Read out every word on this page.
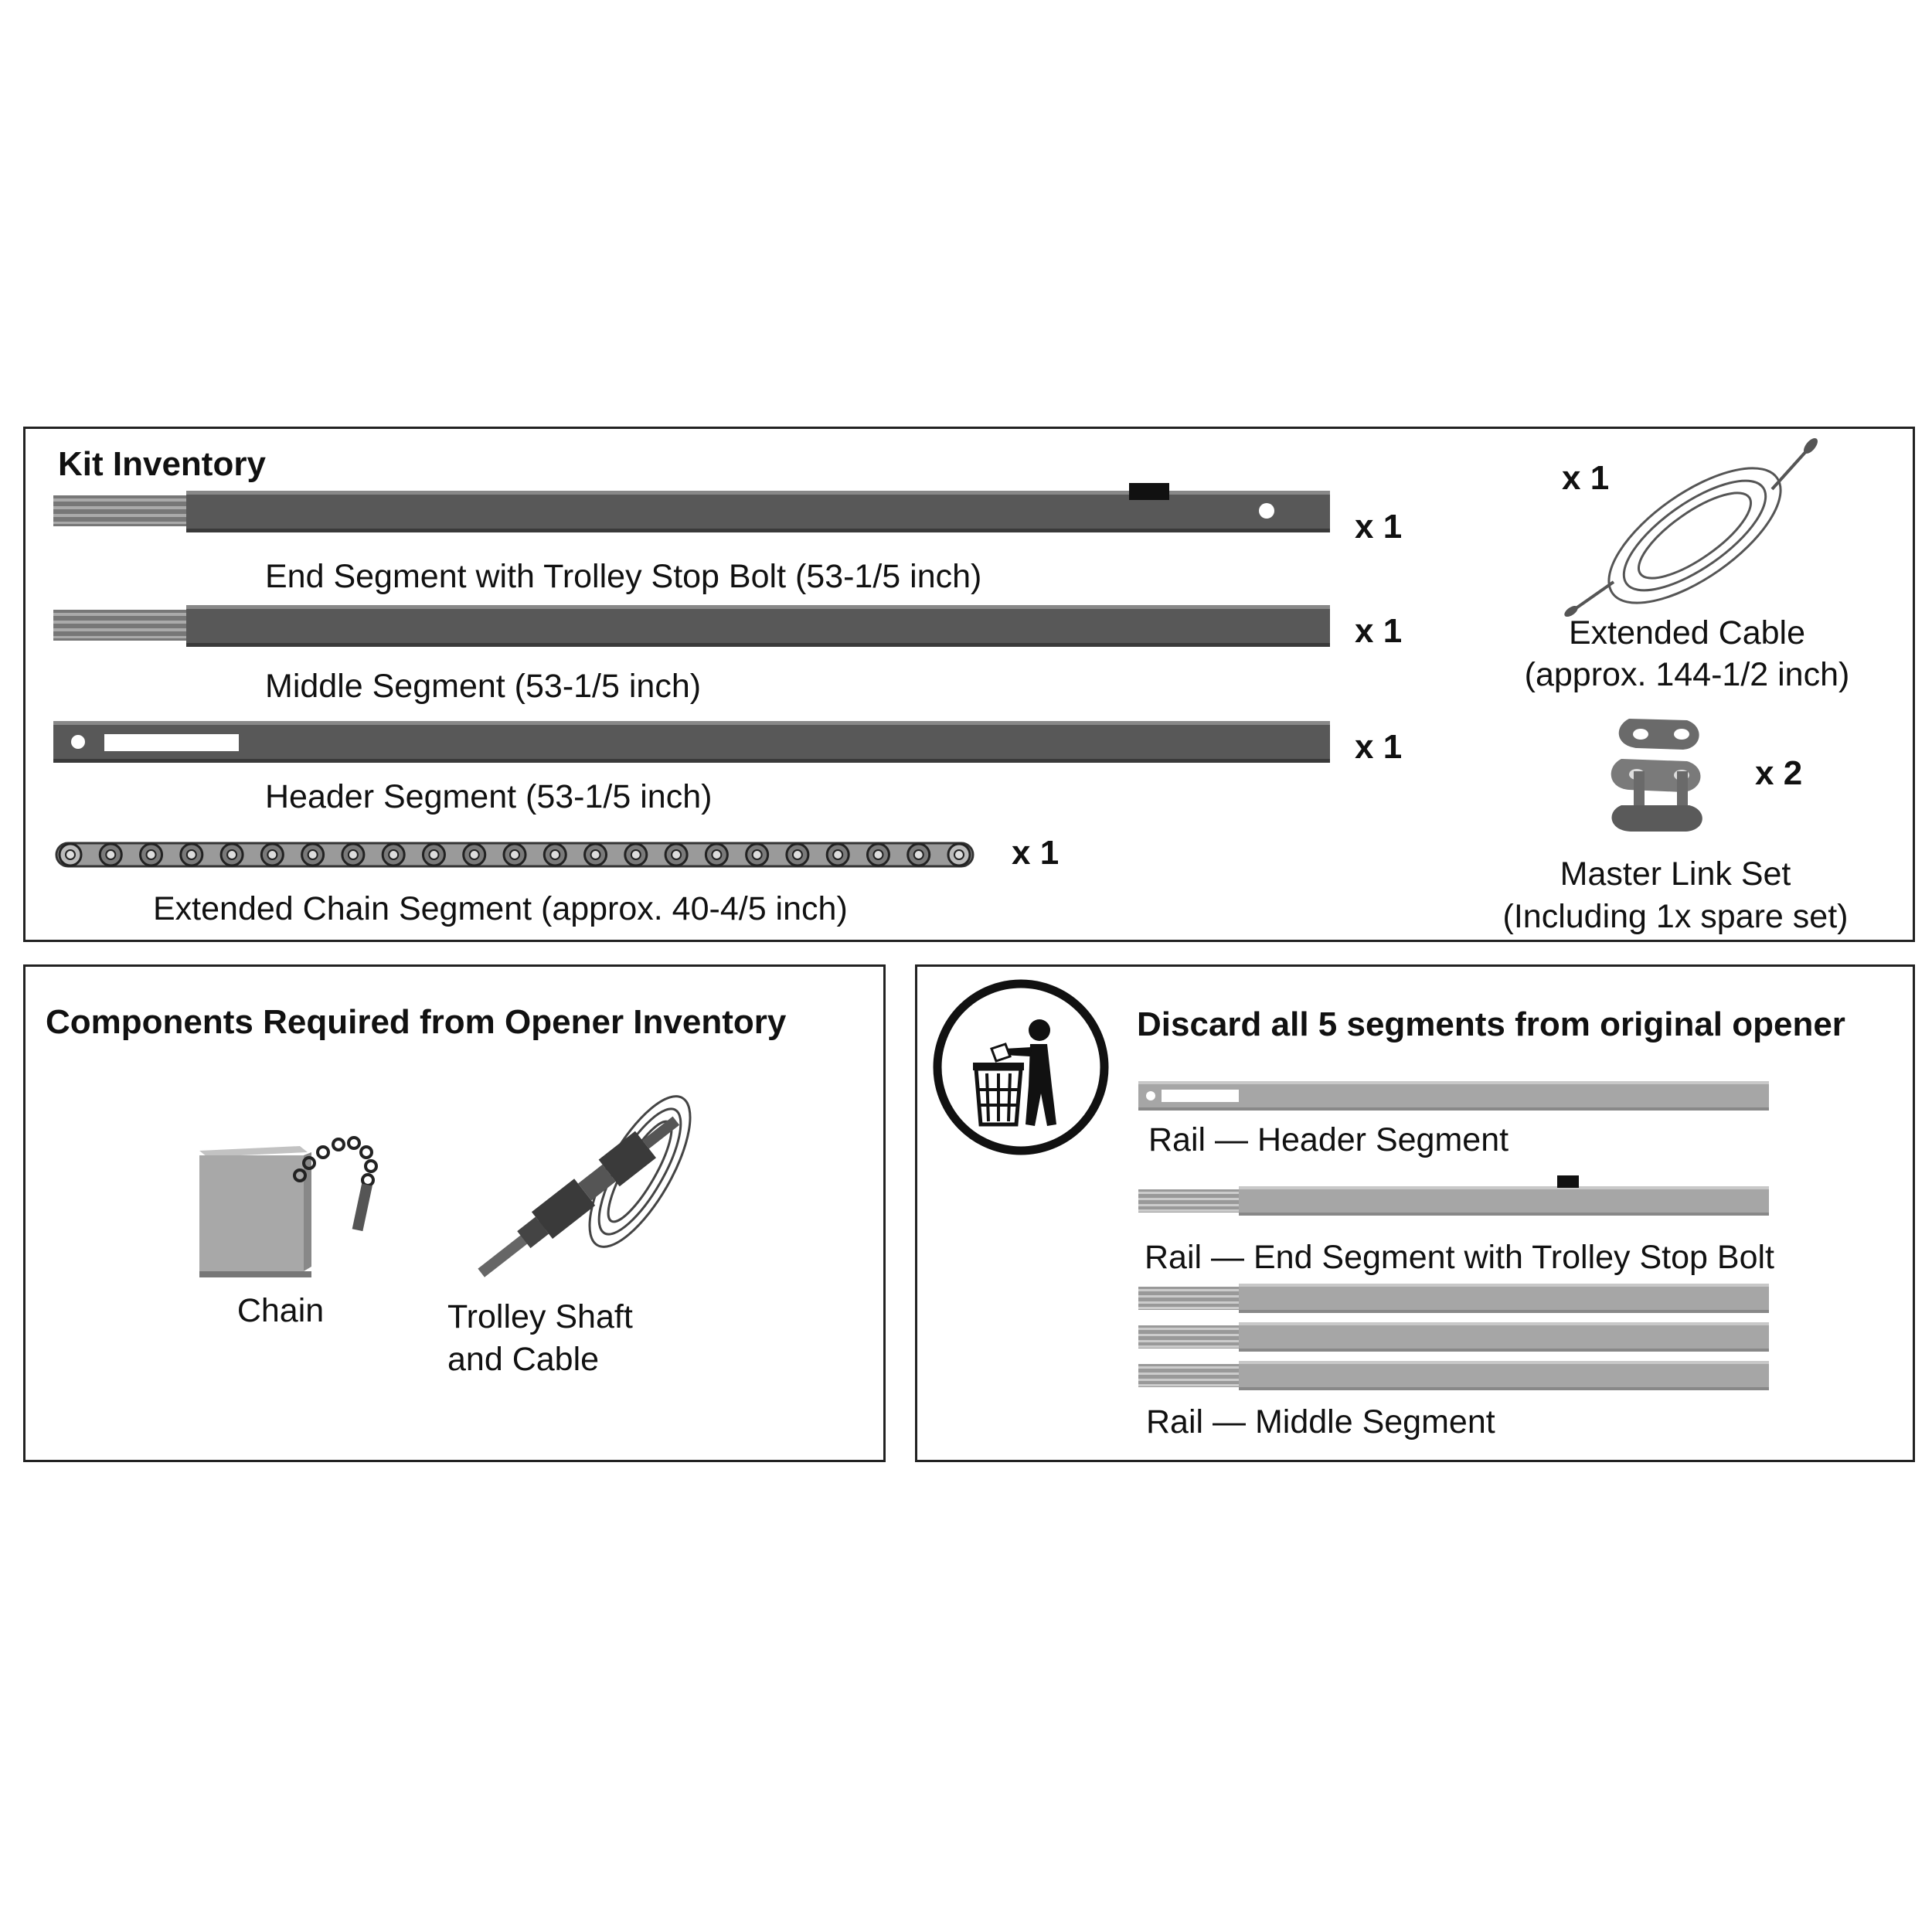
Kit Inventory
x 1
End Segment with Trolley Stop Bolt (53-1/5 inch)
x 1
Middle Segment (53-1/5 inch)
x 1
Header Segment (53-1/5 inch)
x 1
Extended Chain Segment (approx. 40-4/5 inch)
x 1
Extended Cable
(approx. 144-1/2 inch)
x 2
Master Link Set
(Including 1x spare set)
Components Required from Opener Inventory
Chain	Trolley Shaft
and Cable
Discard all 5 segments from original opener
Rail — Header Segment
Rail — End Segment with Trolley Stop Bolt
Rail — Middle Segment
